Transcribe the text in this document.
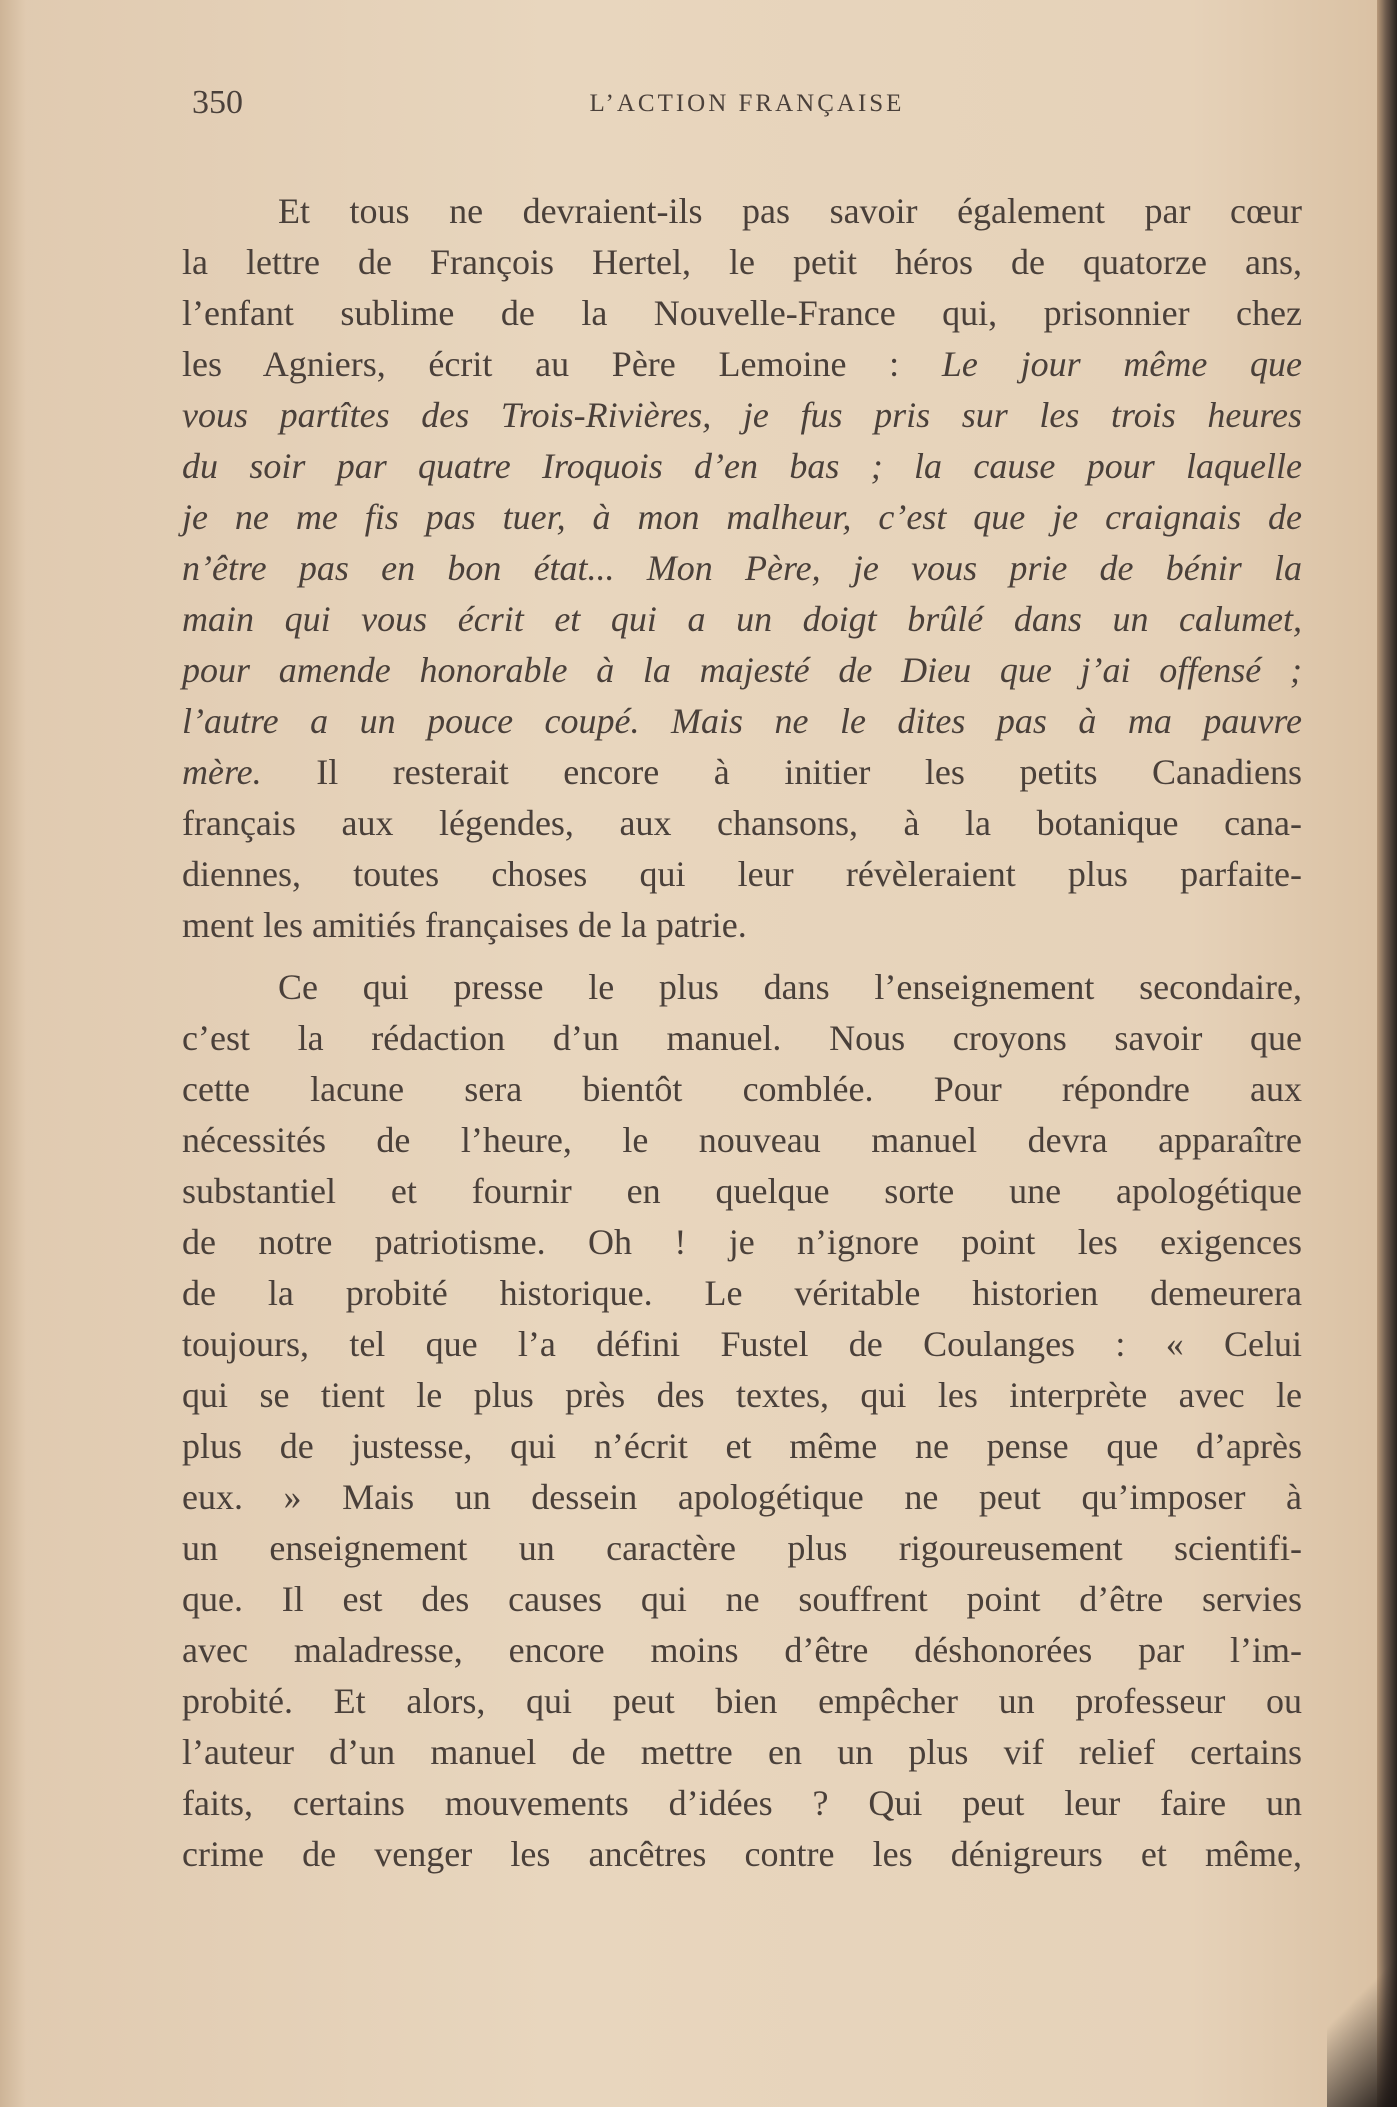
350	L’ACTION FRANÇAISE
Et tous ne devraient-ils pas savoir également par cœur
la lettre de François Hertel, le petit héros de quatorze ans,
l’enfant sublime de la Nouvelle-France qui, prisonnier chez
les Agniers, écrit au Père Lemoine : Le jour même que
vous partîtes des Trois-Rivières, je fus pris sur les trois heures
du soir par quatre Iroquois d’en bas ; la cause pour laquelle
je ne me fis pas tuer, à mon malheur, c’est que je craignais de
n’être pas en bon état... Mon Père, je vous prie de bénir la
main qui vous écrit et qui a un doigt brûlé dans un calumet,
pour amende honorable à la majesté de Dieu que j’ai offensé ;
l’autre a un pouce coupé. Mais ne le dites pas à ma pauvre
mère. Il resterait encore à initier les petits Canadiens
français aux légendes, aux chansons, à la botanique cana-
diennes, toutes choses qui leur révèleraient plus parfaite-
ment les amitiés françaises de la patrie.
Ce qui presse le plus dans l’enseignement secondaire,
c’est la rédaction d’un manuel. Nous croyons savoir que
cette lacune sera bientôt comblée. Pour répondre aux
nécessités de l’heure, le nouveau manuel devra apparaître
substantiel et fournir en quelque sorte une apologétique
de notre patriotisme. Oh ! je n’ignore point les exigences
de la probité historique. Le véritable historien demeurera
toujours, tel que l’a défini Fustel de Coulanges : « Celui
qui se tient le plus près des textes, qui les interprète avec le
plus de justesse, qui n’écrit et même ne pense que d’après
eux. » Mais un dessein apologétique ne peut qu’imposer à
un enseignement un caractère plus rigoureusement scientifi-
que. Il est des causes qui ne souffrent point d’être servies
avec maladresse, encore moins d’être déshonorées par l’im-
probité. Et alors, qui peut bien empêcher un professeur ou
l’auteur d’un manuel de mettre en un plus vif relief certains
faits, certains mouvements d’idées ? Qui peut leur faire un
crime de venger les ancêtres contre les dénigreurs et même,
